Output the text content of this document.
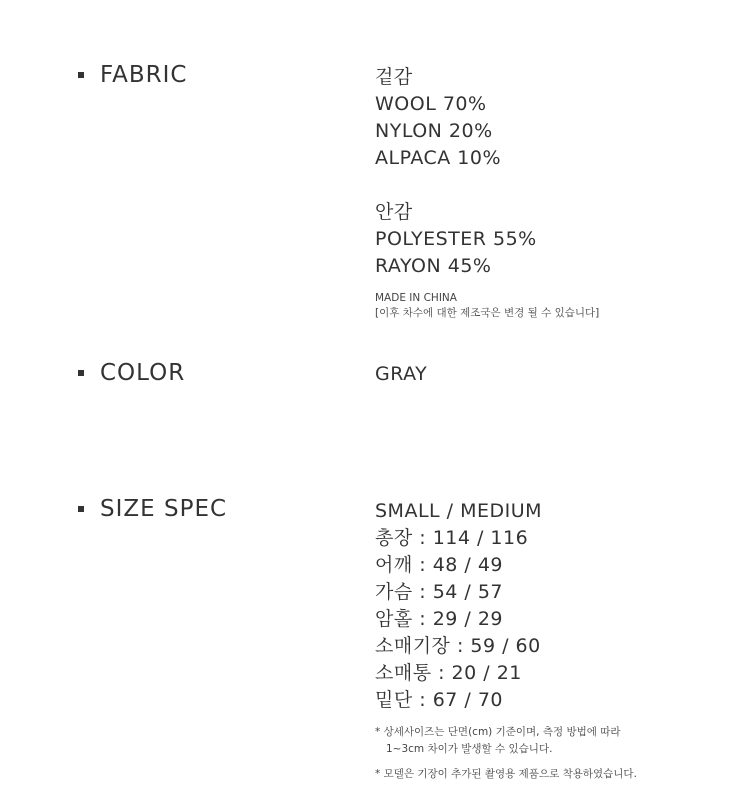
FABRIC	겉감
WOOL 70%
NYLON 20%
ALPACA 10%
안감
POLYESTER 55%
RAYON 45%
MADE IN CHINA
[이후 차수에 대한 제조국은 변경 될 수 있습니다]
COLOR	GRAY
SIZE SPEC	SMALL / MEDIUM
총장 : 114 / 116
어깨 : 48 / 49
가슴 : 54 / 57
암홀 : 29 / 29
소매기장 : 59 / 60
소매통 : 20 / 21
밑단 : 67 / 70
* 상세사이즈는 단면(cm) 기준이며, 측정 방법에 따라
1~3cm 차이가 발생할 수 있습니다.
* 모델은 기장이 추가된 촬영용 제품으로 착용하였습니다.
